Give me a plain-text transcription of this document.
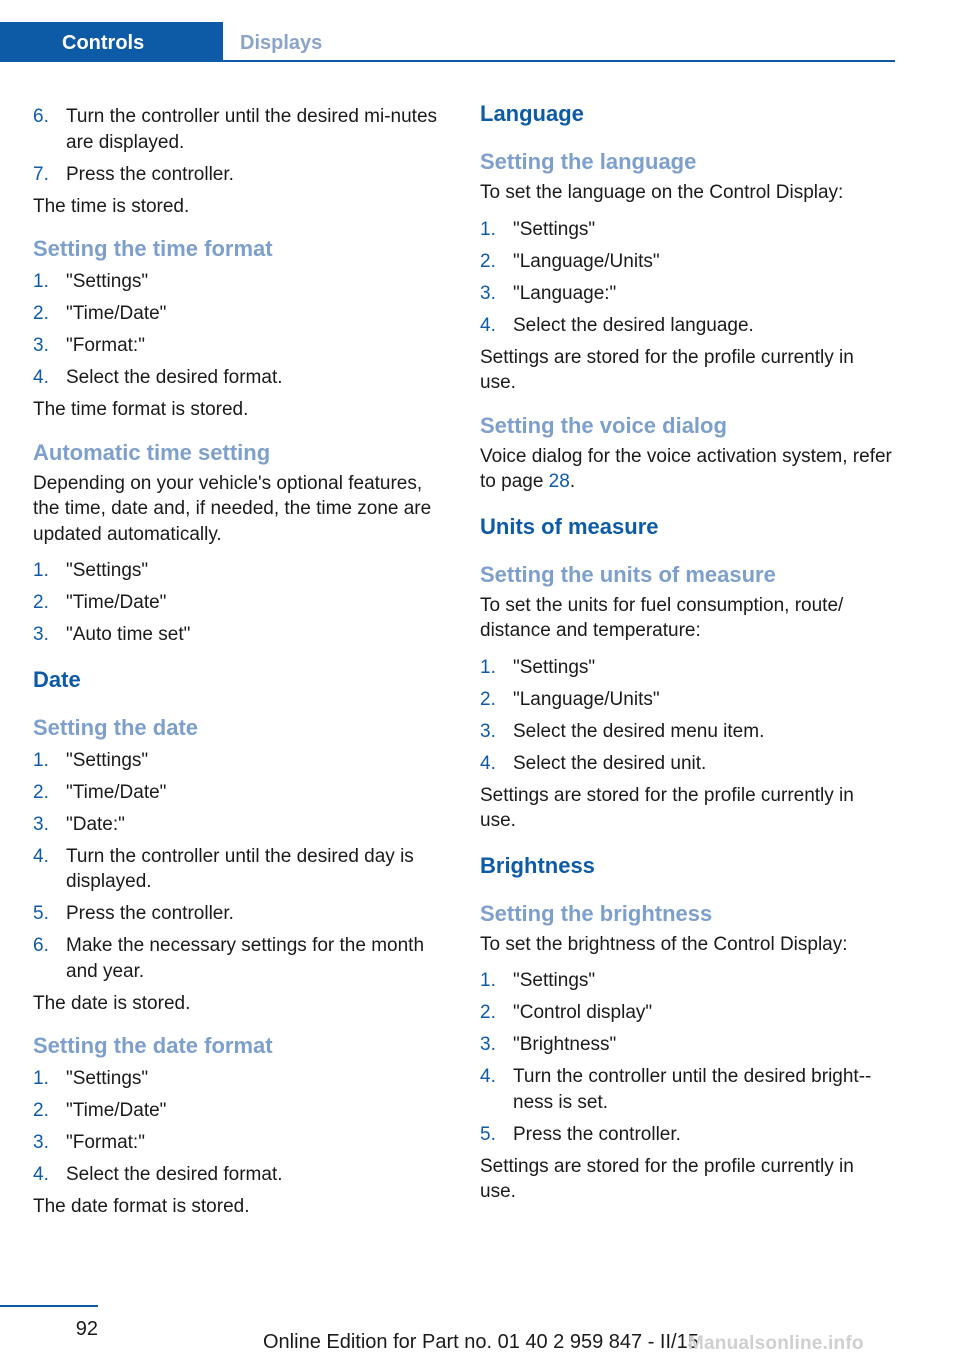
Controls	Displays
6. Turn the controller until the desired mi-nutes are displayed.
7. Press the controller.

The time is stored.

Setting the time format
1. "Settings"
2. "Time/Date"
3. "Format:"
4. Select the desired format.

The time format is stored.

Automatic time setting

Depending on your vehicle's optional features, the time, date and, if needed, the time zone are updated automatically.

1. "Settings"
2. "Time/Date"
3. "Auto time set"
Date
Setting the date
1. "Settings"
2. "Time/Date"
3. "Date:"
4. Turn the controller until the desired day is displayed.
5. Press the controller.
6. Make the necessary settings for the month and year.

The date is stored.

Setting the date format
1. "Settings"
2. "Time/Date"
3. "Format:"
4. Select the desired format.

The date format is stored.

Language
Setting the language

To set the language on the Control Display:

1. "Settings"
2. "Language/Units"
3. "Language:"
4. Select the desired language.

Settings are stored for the profile currently in use.

Setting the voice dialog

Voice dialog for the voice activation system, refer to page 28.

Units of measure
Setting the units of measure

To set the units for fuel consumption, route/ distance and temperature:

1. "Settings"
2. "Language/Units"
3. Select the desired menu item.
4. Select the desired unit.

Settings are stored for the profile currently in use.

Brightness
Setting the brightness

To set the brightness of the Control Display:

1. "Settings"
2. "Control display"
3. "Brightness"
4. Turn the controller until the desired bright-ness is set.
5. Press the controller.

Settings are stored for the profile currently in use.

92
Online Edition for Part no. 01 40 2 959 847 - II/15
Manualsonline.info
